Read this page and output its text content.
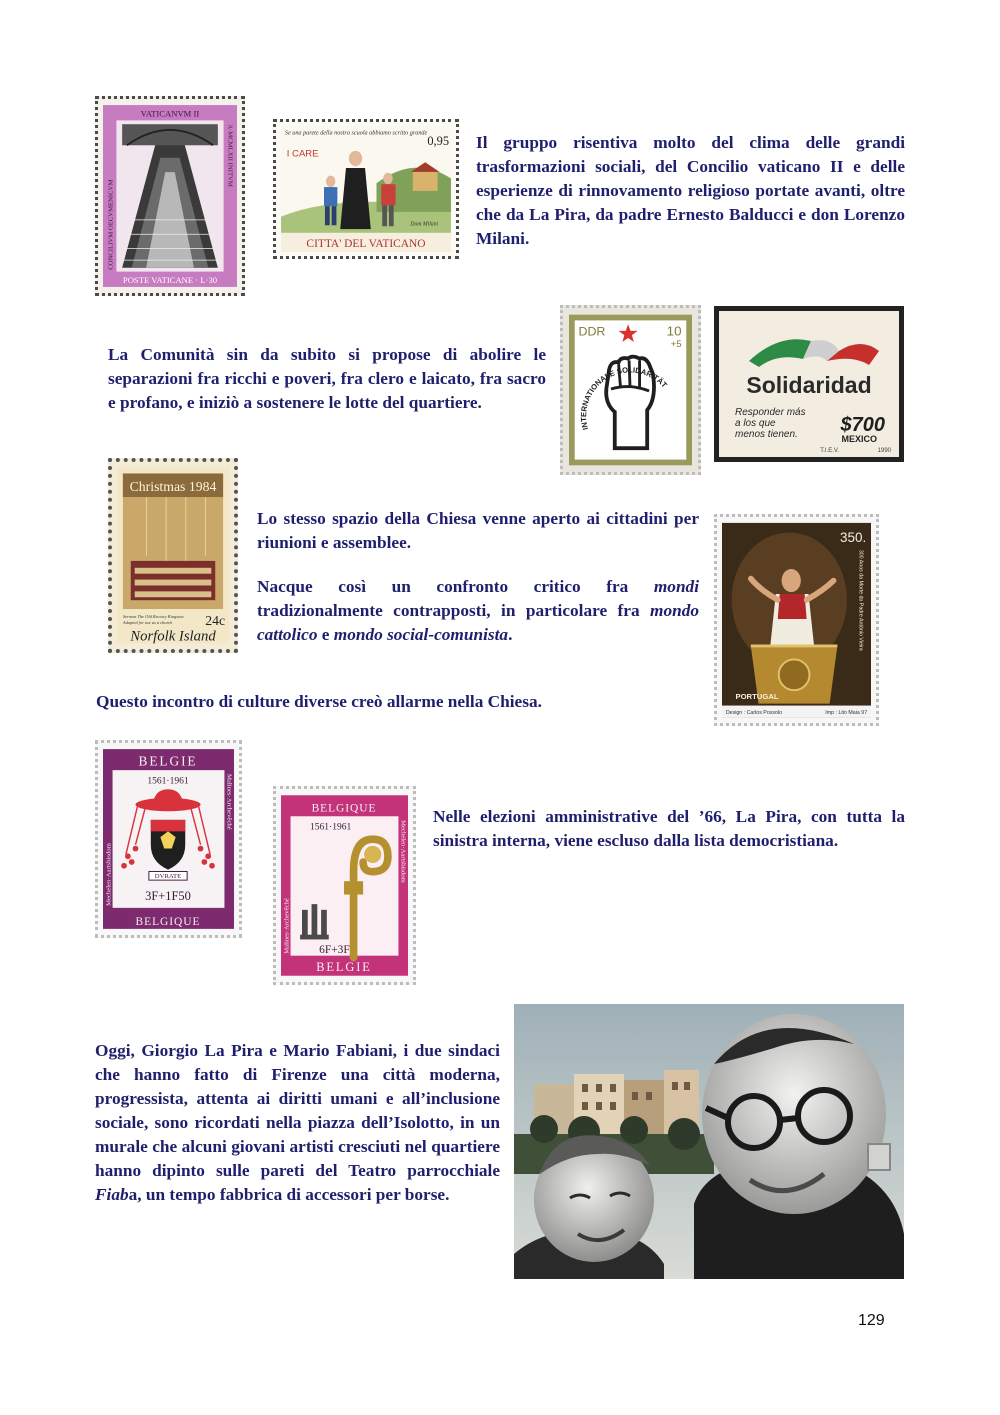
VATICANVM II
POSTE VATICANE · L·30
CONCILIVM OECVMENICVM
A·MCMLXII INITVM	Se una parete della nostra scuola abbiamo scritto grande
I CARE
0,95
Dom Milani
CITTA' DEL VATICANO

Il gruppo risentiva molto del clima delle grandi trasformazioni sociali, del Concilio vaticano II e delle esperienze di rinnovamento religioso portate avanti, oltre che da La Pira, da padre Ernesto Balducci e don Lorenzo Milani.

DDR	10
+5
INTERNATIONALE SOLIDARITÄT	Solidaridad
Responder más
a los que
menos tienen. $700
MEXICO
T.I.E.V.	1990

La Comunità sin da subito si propose di abolire le separazioni fra ricchi e poveri, fra clero e laicato, fra sacro e profano, e iniziò a sostenere le lotte del quartiere.

Christmas 1984
Sermon The Old Rectory Kingston
Adapted for use as a church 24c
Norfolk Island

Lo stesso spazio della Chiesa venne aperto ai cittadini per riunioni e assemblee.

Nacque così un confronto critico fra mondi tradizionalmente contrapposti, in particolare fra mondo cattolico e mondo social-comunista.

350.
300 Anos da Morte do Padre António Vieira
PORTUGAL
Design : Carlos Possolo	Imp : Lito Maia 97

Questo incontro di culture diverse creò allarme nella Chiesa.

BELGIE
BELGIQUE
1561·1961
DVRATE
3F+1F50
Mechelen·Aartsbisdom
Malines·Archevêché	BELGIQUE
BELGIE
1561·1961
6F+3F
Malines·Archevêché
Mechelen·Aartsbisdom

Nelle elezioni amministrative del ’66, La Pira, con tutta la sinistra interna, viene escluso dalla lista democristiana.

Oggi, Giorgio La Pira e Mario Fabiani, i due sindaci che hanno fatto di Firenze una città moderna, progressista, attenta ai diritti umani e all’inclusione sociale, sono ricordati nella piazza dell’Isolotto, in un murale che alcuni giovani artisti cresciuti nel quartiere hanno dipinto sulle pareti del Teatro parrocchiale Fiaba, un tempo fabbrica di accessori per borse.

129
